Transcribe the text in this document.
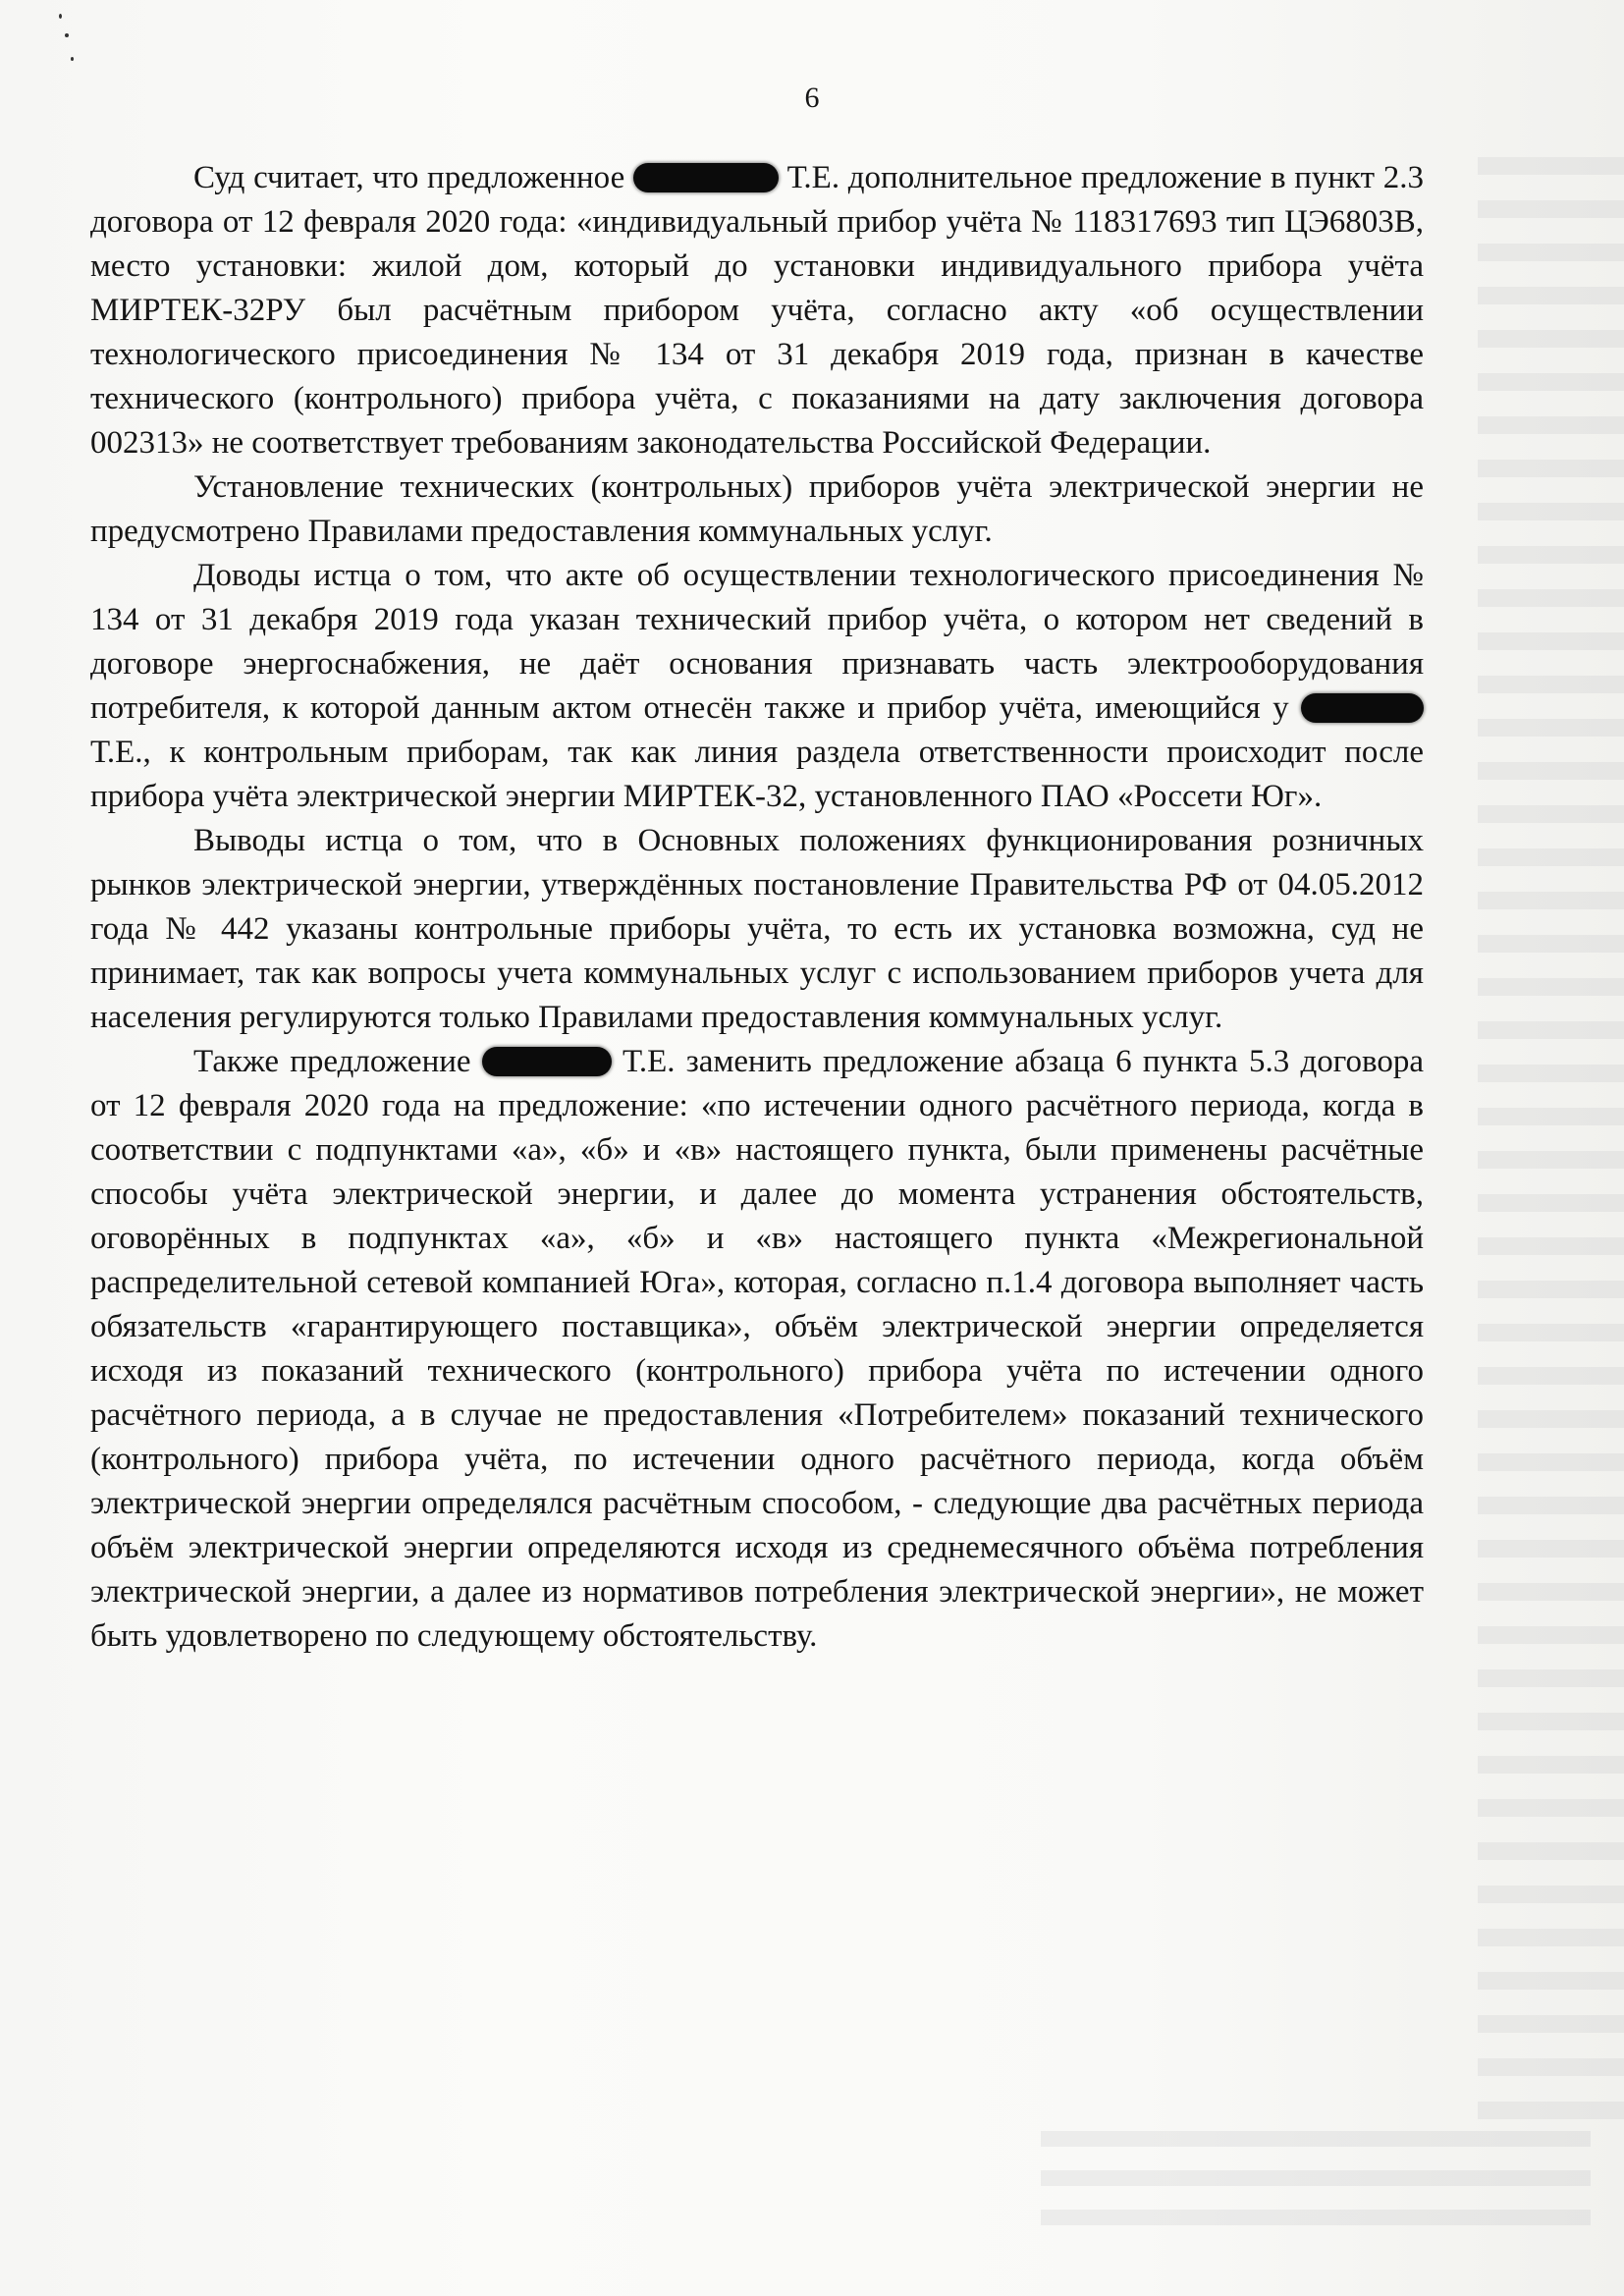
6

Суд считает, что предложенное	Т.Е. дополнительное предложение в пункт 2.3 договора от 12 февраля 2020 года: «индивидуальный прибор учёта № 118317693 тип ЦЭ6803В, место установки: жилой дом, который до установки индивидуального прибора учёта МИРТЕК-32РУ был расчётным прибором учёта, согласно акту «об осуществлении технологического присоединения № 134 от 31 декабря 2019 года, признан в качестве технического (контрольного) прибора учёта, с показаниями на дату заключения договора 002313» не соответствует требованиям законодательства Российской Федерации.

Установление технических (контрольных) приборов учёта электрической энергии не предусмотрено Правилами предоставления коммунальных услуг.

Доводы истца о том, что акте об осуществлении технологического присоединения № 134 от 31 декабря 2019 года указан технический прибор учёта, о котором нет сведений в договоре энергоснабжения, не даёт основания признавать часть электрооборудования потребителя, к которой данным актом отнесён также и прибор учёта, имеющийся у  Т.Е., к контрольным приборам, так как линия раздела ответственности происходит после прибора учёта электрической энергии МИРТЕК-32, установленного ПАО «Россети Юг».

Выводы истца о том, что в Основных положениях функционирования розничных рынков электрической энергии, утверждённых постановление Правительства РФ от 04.05.2012 года № 442 указаны контрольные приборы учёта, то есть их установка возможна, суд не принимает, так как вопросы учета коммунальных услуг с использованием приборов учета для населения регулируются только Правилами предоставления коммунальных услуг.

Также предложение	Т.Е. заменить предложение абзаца 6 пункта 5.3 договора от 12 февраля 2020 года на предложение: «по истечении одного расчётного периода, когда в соответствии с подпунктами «а», «б» и «в» настоящего пункта, были применены расчётные способы учёта электрической энергии, и далее до момента устранения обстоятельств, оговорённых в подпунктах «а», «б» и «в» настоящего пункта «Межрегиональной распределительной сетевой компанией Юга», которая, согласно п.1.4 договора выполняет часть обязательств «гарантирующего поставщика», объём электрической энергии определяется исходя из показаний технического (контрольного) прибора учёта по истечении одного расчётного периода, а в случае не предоставления «Потребителем» показаний технического (контрольного) прибора учёта, по истечении одного расчётного периода, когда объём электрической энергии определялся расчётным способом, - следующие два расчётных периода объём электрической энергии определяются исходя из среднемесячного объёма потребления электрической энергии, а далее из нормативов потребления электрической энергии», не может быть удовлетворено по следующему обстоятельству.
